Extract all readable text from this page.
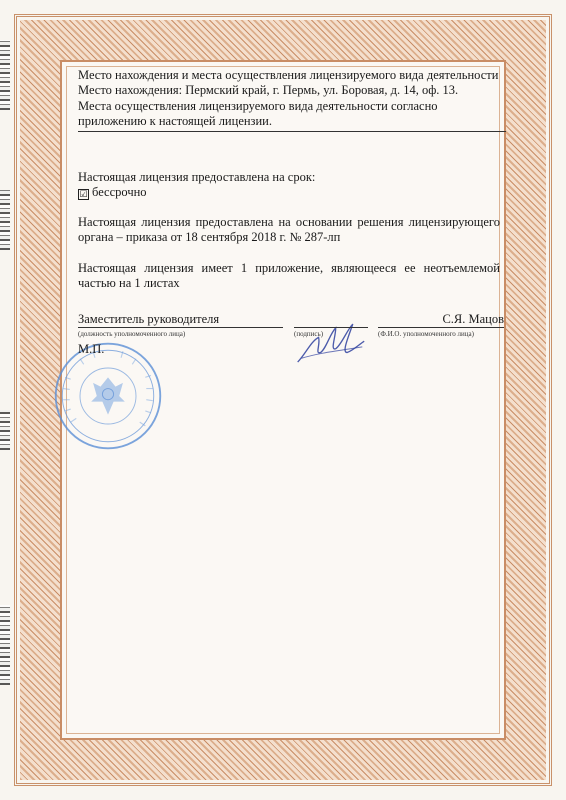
Место нахождения и места осуществления лицензируемого вида деятельности

Место нахождения: Пермский край, г. Пермь, ул. Боровая, д. 14, оф. 13.

Места осуществления лицензируемого вида деятельности согласно приложению к настоящей лицензии.

Настоящая лицензия предоставлена на срок:

☑ бессрочно

Настоящая лицензия предоставлена на основании решения лицензирующего органа – приказа от 18 сентября 2018 г. № 287-лп

Настоящая лицензия имеет 1 приложение, являющееся ее неотъемлемой частью на 1 листах

Заместитель руководителя	С.Я. Мацов
(должность уполномоченного лица)	(подпись)	(Ф.И.О. уполномоченного лица)

М.П.
